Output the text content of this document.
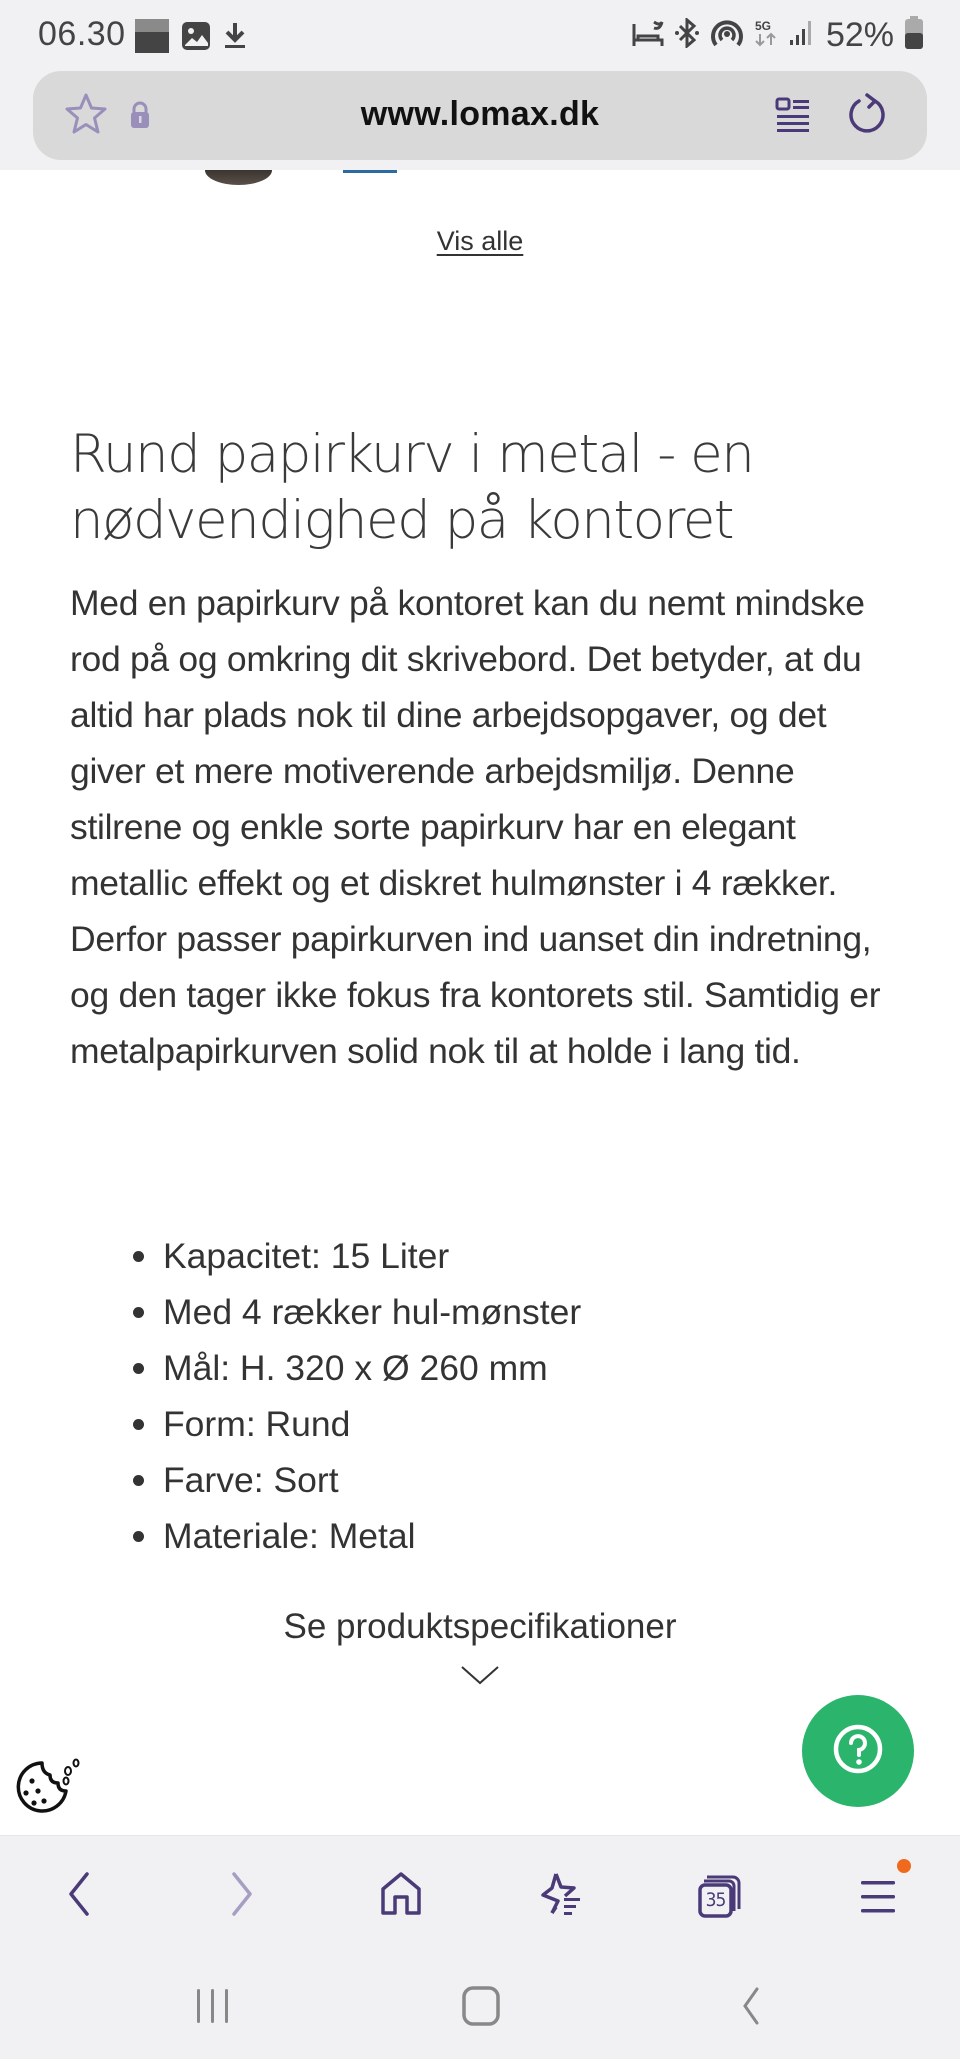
06.30	5G 52%
www.lomax.dk
Vis alle
Rund papirkurv i metal - en nødvendighed på kontoret

Med en papirkurv på kontoret kan du nemt mindske rod på og omkring dit skrivebord. Det betyder, at du altid har plads nok til dine arbejdsopgaver, og det giver et mere motiverende arbejdsmiljø. Denne stilrene og enkle sorte papirkurv har en elegant metallic effekt og et diskret hulmønster i 4 rækker. Derfor passer papirkurven ind uanset din indretning, og den tager ikke fokus fra kontorets stil. Samtidig er metalpapirkurven solid nok til at holde i lang tid.

Kapacitet: 15 Liter
Med 4 rækker hul-mønster
Mål: H. 320 x Ø 260 mm
Form: Rund
Farve: Sort
Materiale: Metal
Se produktspecifikationer
35
